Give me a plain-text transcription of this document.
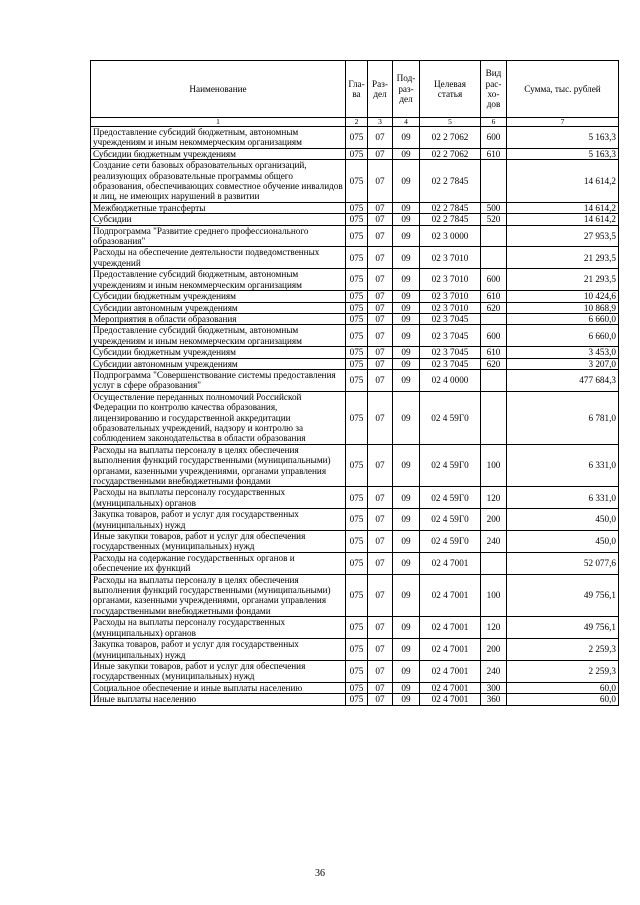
Наименование	Гла-ва	Раз-дел	Под-раз-дел	Целевая статья	Вид рас-хо-дов	Сумма, тыс. рублей
1	2	3	4	5	6	7
Предоставление субсидий бюджетным, автономным учреждениям и иным некоммерческим организациям	075	07	09	02 2 7062	600	5 163,3
Субсидии бюджетным учреждениям	075	07	09	02 2 7062	610	5 163,3
Создание сети базовых образовательных организаций, реализующих образовательные программы общего образования, обеспечивающих совместное обучение инвалидов и лиц, не имеющих нарушений в развитии	075	07	09	02 2 7845		14 614,2
Межбюджетные трансферты	075	07	09	02 2 7845	500	14 614,2
Субсидии	075	07	09	02 2 7845	520	14 614,2
Подпрограмма "Развитие среднего профессионального образования"	075	07	09	02 3 0000		27 953,5
Расходы на обеспечение деятельности подведомственных учреждений	075	07	09	02 3 7010		21 293,5
Предоставление субсидий бюджетным, автономным учреждениям и иным некоммерческим организациям	075	07	09	02 3 7010	600	21 293,5
Субсидии бюджетным учреждениям	075	07	09	02 3 7010	610	10 424,6
Субсидии автономным учреждениям	075	07	09	02 3 7010	620	10 868,9
Мероприятия в области образования	075	07	09	02 3 7045		6 660,0
Предоставление субсидий бюджетным, автономным учреждениям и иным некоммерческим организациям	075	07	09	02 3 7045	600	6 660,0
Субсидии бюджетным учреждениям	075	07	09	02 3 7045	610	3 453,0
Субсидии автономным учреждениям	075	07	09	02 3 7045	620	3 207,0
Подпрограмма "Совершенствование системы предоставления услуг в сфере образования"	075	07	09	02 4 0000		477 684,3
Осуществление переданных полномочий Российской Федерации по контролю качества образования, лицензированию и государственной аккредитации образовательных учреждений, надзору и контролю за соблюдением законодательства в области образования	075	07	09	02 4 59Г0		6 781,0
Расходы на выплаты персоналу в целях обеспечения выполнения функций государственными (муниципальными) органами, казенными учреждениями, органами управления государственными внебюджетными фондами	075	07	09	02 4 59Г0	100	6 331,0
Расходы на выплаты персоналу государственных (муниципальных) органов	075	07	09	02 4 59Г0	120	6 331,0
Закупка товаров, работ и услуг для государственных (муниципальных) нужд	075	07	09	02 4 59Г0	200	450,0
Иные закупки товаров, работ и услуг для обеспечения государственных (муниципальных) нужд	075	07	09	02 4 59Г0	240	450,0
Расходы на содержание государственных органов и обеспечение их функций	075	07	09	02 4 7001		52 077,6
Расходы на выплаты персоналу в целях обеспечения выполнения функций государственными (муниципальными) органами, казенными учреждениями, органами управления государственными внебюджетными фондами	075	07	09	02 4 7001	100	49 756,1
Расходы на выплаты персоналу государственных (муниципальных) органов	075	07	09	02 4 7001	120	49 756,1
Закупка товаров, работ и услуг для государственных (муниципальных) нужд	075	07	09	02 4 7001	200	2 259,3
Иные закупки товаров, работ и услуг для обеспечения государственных (муниципальных) нужд	075	07	09	02 4 7001	240	2 259,3
Социальное обеспечение и иные выплаты населению	075	07	09	02 4 7001	300	60,0
Иные выплаты населению	075	07	09	02 4 7001	360	60,0
36
